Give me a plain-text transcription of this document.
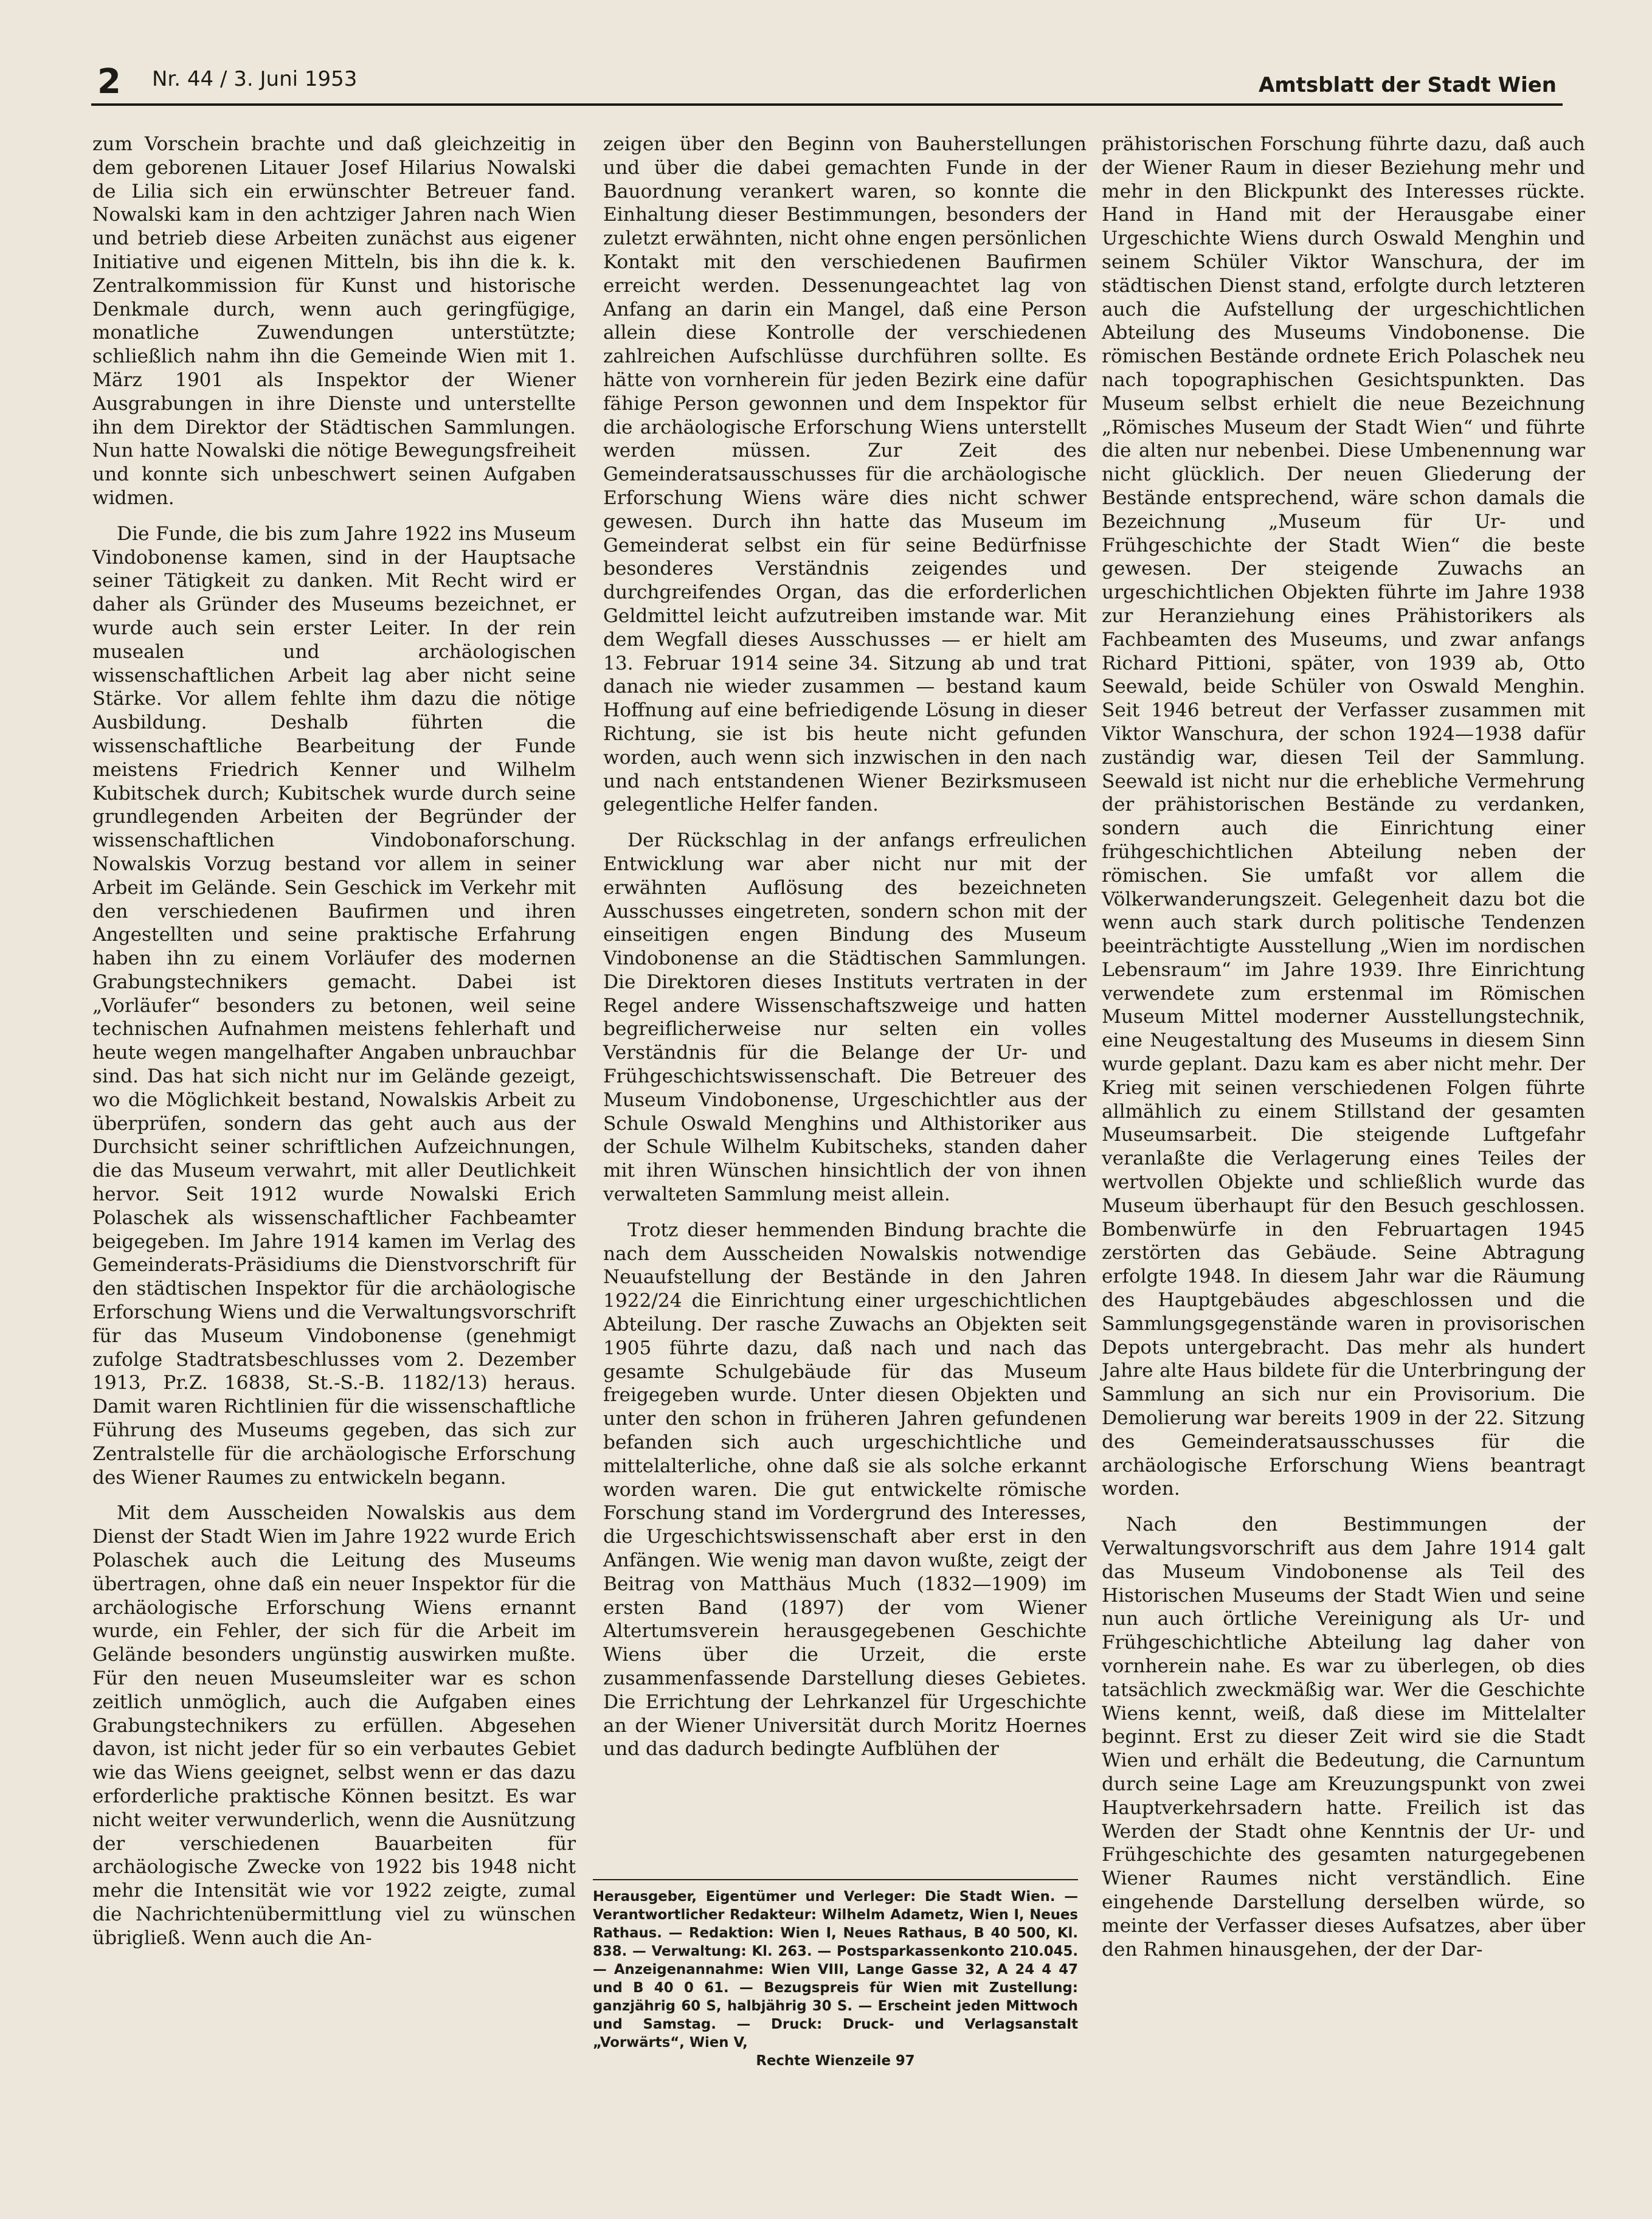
2 Nr. 44 / 3. Juni 1953	Amtsblatt der Stadt Wien

zum Vorschein brachte und daß gleichzeitig in dem geborenen Litauer Josef Hilarius Nowalski de Lilia sich ein erwünschter Betreuer fand. Nowalski kam in den achtziger Jahren nach Wien und betrieb diese Arbeiten zunächst aus eigener Initiative und eigenen Mitteln, bis ihn die k. k. Zentralkommission für Kunst und historische Denkmale durch, wenn auch geringfügige, monatliche Zuwendungen unterstützte; schließlich nahm ihn die Gemeinde Wien mit 1. März 1901 als Inspektor der Wiener Ausgrabungen in ihre Dienste und unterstellte ihn dem Direktor der Städtischen Sammlungen. Nun hatte Nowalski die nötige Bewegungsfreiheit und konnte sich unbeschwert seinen Aufgaben widmen.

Die Funde, die bis zum Jahre 1922 ins Museum Vindobonense kamen, sind in der Hauptsache seiner Tätigkeit zu danken. Mit Recht wird er daher als Gründer des Museums bezeichnet, er wurde auch sein erster Leiter. In der rein musealen und archäologischen wissenschaftlichen Arbeit lag aber nicht seine Stärke. Vor allem fehlte ihm dazu die nötige Ausbildung. Deshalb führten die wissenschaftliche Bearbeitung der Funde meistens Friedrich Kenner und Wilhelm Kubitschek durch; Kubitschek wurde durch seine grundlegenden Arbeiten der Begründer der wissenschaftlichen Vindobonaforschung. Nowalskis Vorzug bestand vor allem in seiner Arbeit im Gelände. Sein Geschick im Verkehr mit den verschiedenen Baufirmen und ihren Angestellten und seine praktische Erfahrung haben ihn zu einem Vorläufer des modernen Grabungstechnikers gemacht. Dabei ist „Vorläufer“ besonders zu betonen, weil seine technischen Aufnahmen meistens fehlerhaft und heute wegen mangelhafter Angaben unbrauchbar sind. Das hat sich nicht nur im Gelände gezeigt, wo die Möglichkeit bestand, Nowalskis Arbeit zu überprüfen, sondern das geht auch aus der Durchsicht seiner schriftlichen Aufzeichnungen, die das Museum verwahrt, mit aller Deutlichkeit hervor. Seit 1912 wurde Nowalski Erich Polaschek als wissenschaftlicher Fachbeamter beigegeben. Im Jahre 1914 kamen im Verlag des Gemeinderats-Präsidiums die Dienstvorschrift für den städtischen Inspektor für die archäologische Erforschung Wiens und die Verwaltungsvorschrift für das Museum Vindobonense (genehmigt zufolge Stadtratsbeschlusses vom 2. Dezember 1913, Pr.Z. 16838, St.-S.-B. 1182/13) heraus. Damit waren Richtlinien für die wissenschaftliche Führung des Museums gegeben, das sich zur Zentralstelle für die archäologische Erforschung des Wiener Raumes zu entwickeln begann.

Mit dem Ausscheiden Nowalskis aus dem Dienst der Stadt Wien im Jahre 1922 wurde Erich Polaschek auch die Leitung des Museums übertragen, ohne daß ein neuer Inspektor für die archäologische Erforschung Wiens ernannt wurde, ein Fehler, der sich für die Arbeit im Gelände besonders ungünstig auswirken mußte. Für den neuen Museumsleiter war es schon zeitlich unmöglich, auch die Aufgaben eines Grabungstechnikers zu erfüllen. Abgesehen davon, ist nicht jeder für so ein verbautes Gebiet wie das Wiens geeignet, selbst wenn er das dazu erforderliche praktische Können besitzt. Es war nicht weiter verwunderlich, wenn die Ausnützung der verschiedenen Bauarbeiten für archäologische Zwecke von 1922 bis 1948 nicht mehr die Intensität wie vor 1922 zeigte, zumal die Nachrichtenübermittlung viel zu wünschen übrigließ. Wenn auch die An-

zeigen über den Beginn von Bauherstellungen und über die dabei gemachten Funde in der Bauordnung verankert waren, so konnte die Einhaltung dieser Bestimmungen, besonders der zuletzt erwähnten, nicht ohne engen persönlichen Kontakt mit den verschiedenen Baufirmen erreicht werden. Dessenungeachtet lag von Anfang an darin ein Mangel, daß eine Person allein diese Kontrolle der verschiedenen zahlreichen Aufschlüsse durchführen sollte. Es hätte von vornherein für jeden Bezirk eine dafür fähige Person gewonnen und dem Inspektor für die archäologische Erforschung Wiens unterstellt werden müssen. Zur Zeit des Gemeinderatsausschusses für die archäologische Erforschung Wiens wäre dies nicht schwer gewesen. Durch ihn hatte das Museum im Gemeinderat selbst ein für seine Bedürfnisse besonderes Verständnis zeigendes und durchgreifendes Organ, das die erforderlichen Geldmittel leicht aufzutreiben imstande war. Mit dem Wegfall dieses Ausschusses — er hielt am 13. Februar 1914 seine 34. Sitzung ab und trat danach nie wieder zusammen — bestand kaum Hoffnung auf eine befriedigende Lösung in dieser Richtung, sie ist bis heute nicht gefunden worden, auch wenn sich inzwischen in den nach und nach entstandenen Wiener Bezirksmuseen gelegentliche Helfer fanden.

Der Rückschlag in der anfangs erfreulichen Entwicklung war aber nicht nur mit der erwähnten Auflösung des bezeichneten Ausschusses eingetreten, sondern schon mit der einseitigen engen Bindung des Museum Vindobonense an die Städtischen Sammlungen. Die Direktoren dieses Instituts vertraten in der Regel andere Wissenschaftszweige und hatten begreiflicherweise nur selten ein volles Verständnis für die Belange der Ur- und Frühgeschichtswissenschaft. Die Betreuer des Museum Vindobonense, Urgeschichtler aus der Schule Oswald Menghins und Althistoriker aus der Schule Wilhelm Kubitscheks, standen daher mit ihren Wünschen hinsichtlich der von ihnen verwalteten Sammlung meist allein.

Trotz dieser hemmenden Bindung brachte die nach dem Ausscheiden Nowalskis notwendige Neuaufstellung der Bestände in den Jahren 1922/24 die Einrichtung einer urgeschichtlichen Abteilung. Der rasche Zuwachs an Objekten seit 1905 führte dazu, daß nach und nach das gesamte Schulgebäude für das Museum freigegeben wurde. Unter diesen Objekten und unter den schon in früheren Jahren gefundenen befanden sich auch urgeschichtliche und mittelalterliche, ohne daß sie als solche erkannt worden waren. Die gut entwickelte römische Forschung stand im Vordergrund des Interesses, die Urgeschichtswissenschaft aber erst in den Anfängen. Wie wenig man davon wußte, zeigt der Beitrag von Matthäus Much (1832—1909) im ersten Band (1897) der vom Wiener Altertumsverein herausgegebenen Geschichte Wiens über die Urzeit, die erste zusammenfassende Darstellung dieses Gebietes. Die Errichtung der Lehrkanzel für Urgeschichte an der Wiener Universität durch Moritz Hoernes und das dadurch bedingte Aufblühen der

Herausgeber, Eigentümer und Verleger: Die Stadt Wien. — Verantwortlicher Redakteur: Wilhelm Adametz, Wien I, Neues Rathaus. — Redaktion: Wien I, Neues Rathaus, B 40 500, Kl. 838. — Verwaltung: Kl. 263. — Postsparkassenkonto 210.045. — Anzeigenannahme: Wien VIII, Lange Gasse 32, A 24 4 47 und B 40 0 61. — Bezugspreis für Wien mit Zustellung: ganzjährig 60 S, halbjährig 30 S. — Erscheint jeden Mittwoch und Samstag. — Druck: Druck- und Verlagsanstalt „Vorwärts“, Wien V,
Rechte Wienzeile 97

prähistorischen Forschung führte dazu, daß auch der Wiener Raum in dieser Beziehung mehr und mehr in den Blickpunkt des Interesses rückte. Hand in Hand mit der Herausgabe einer Urgeschichte Wiens durch Oswald Menghin und seinem Schüler Viktor Wanschura, der im städtischen Dienst stand, erfolgte durch letzteren auch die Aufstellung der urgeschichtlichen Abteilung des Museums Vindobonense. Die römischen Bestände ordnete Erich Polaschek neu nach topographischen Gesichtspunkten. Das Museum selbst erhielt die neue Bezeichnung „Römisches Museum der Stadt Wien“ und führte die alten nur nebenbei. Diese Umbenennung war nicht glücklich. Der neuen Gliederung der Bestände entsprechend, wäre schon damals die Bezeichnung „Museum für Ur- und Frühgeschichte der Stadt Wien“ die beste gewesen. Der steigende Zuwachs an urgeschichtlichen Objekten führte im Jahre 1938 zur Heranziehung eines Prähistorikers als Fachbeamten des Museums, und zwar anfangs Richard Pittioni, später, von 1939 ab, Otto Seewald, beide Schüler von Oswald Menghin. Seit 1946 betreut der Verfasser zusammen mit Viktor Wanschura, der schon 1924—1938 dafür zuständig war, diesen Teil der Sammlung. Seewald ist nicht nur die erhebliche Vermehrung der prähistorischen Bestände zu verdanken, sondern auch die Einrichtung einer frühgeschichtlichen Abteilung neben der römischen. Sie umfaßt vor allem die Völkerwanderungszeit. Gelegenheit dazu bot die wenn auch stark durch politische Tendenzen beeinträchtigte Ausstellung „Wien im nordischen Lebensraum“ im Jahre 1939. Ihre Einrichtung verwendete zum erstenmal im Römischen Museum Mittel moderner Ausstellungstechnik, eine Neugestaltung des Museums in diesem Sinn wurde geplant. Dazu kam es aber nicht mehr. Der Krieg mit seinen verschiedenen Folgen führte allmählich zu einem Stillstand der gesamten Museumsarbeit. Die steigende Luftgefahr veranlaßte die Verlagerung eines Teiles der wertvollen Objekte und schließlich wurde das Museum überhaupt für den Besuch geschlossen. Bombenwürfe in den Februartagen 1945 zerstörten das Gebäude. Seine Abtragung erfolgte 1948. In diesem Jahr war die Räumung des Hauptgebäudes abgeschlossen und die Sammlungsgegenstände waren in provisorischen Depots untergebracht. Das mehr als hundert Jahre alte Haus bildete für die Unterbringung der Sammlung an sich nur ein Provisorium. Die Demolierung war bereits 1909 in der 22. Sitzung des Gemeinderatsausschusses für die archäologische Erforschung Wiens beantragt worden.

Nach den Bestimmungen der Verwaltungsvorschrift aus dem Jahre 1914 galt das Museum Vindobonense als Teil des Historischen Museums der Stadt Wien und seine nun auch örtliche Vereinigung als Ur- und Frühgeschichtliche Abteilung lag daher von vornherein nahe. Es war zu überlegen, ob dies tatsächlich zweckmäßig war. Wer die Geschichte Wiens kennt, weiß, daß diese im Mittelalter beginnt. Erst zu dieser Zeit wird sie die Stadt Wien und erhält die Bedeutung, die Carnuntum durch seine Lage am Kreuzungspunkt von zwei Hauptverkehrsadern hatte. Freilich ist das Werden der Stadt ohne Kenntnis der Ur- und Frühgeschichte des gesamten naturgegebenen Wiener Raumes nicht verständlich. Eine eingehende Darstellung derselben würde, so meinte der Verfasser dieses Aufsatzes, aber über den Rahmen hinausgehen, der der Dar-
